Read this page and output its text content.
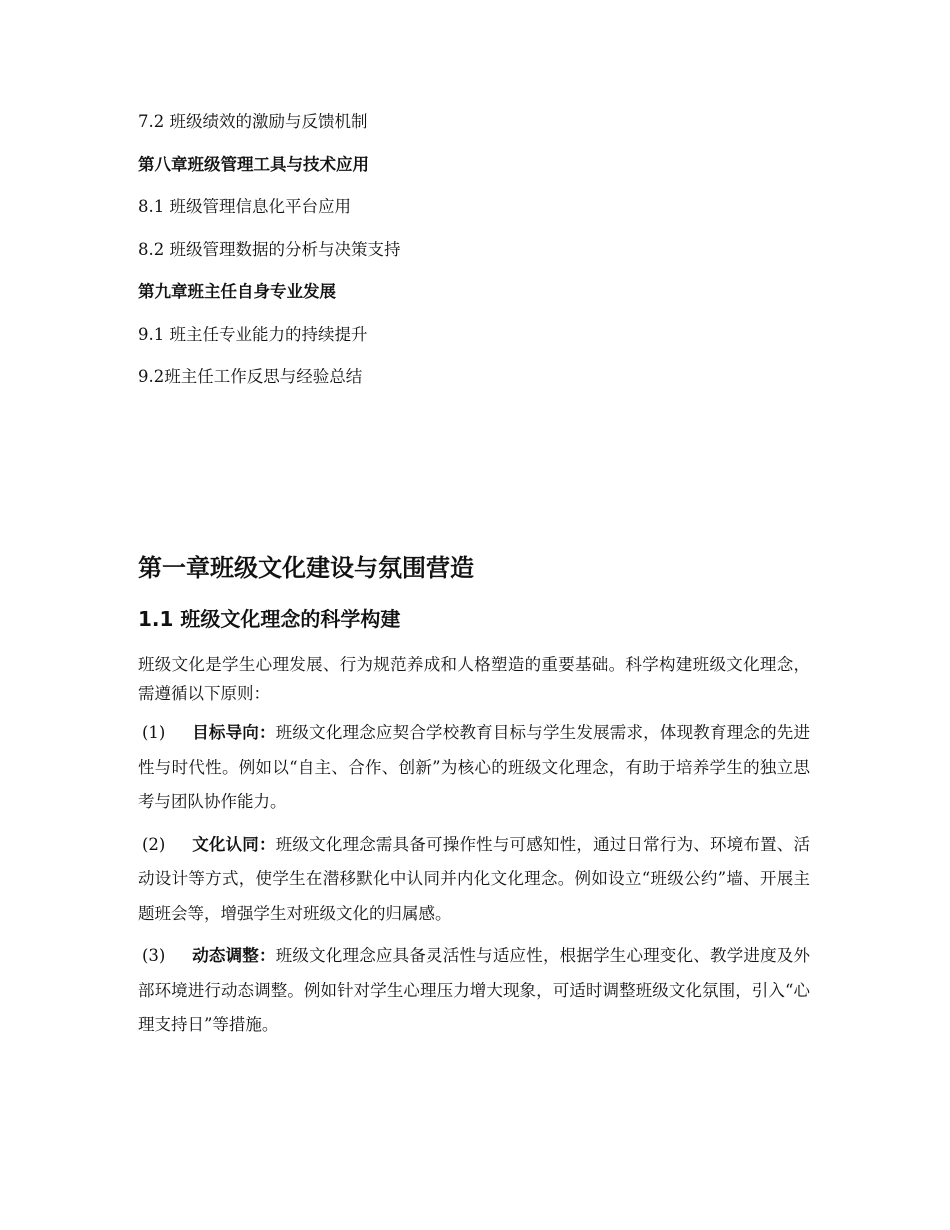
7.2 班级绩效的激励与反馈机制
第八章班级管理工具与技术应用
8.1 班级管理信息化平台应用
8.2 班级管理数据的分析与决策支持
第九章班主任自身专业发展
9.1 班主任专业能力的持续提升
9.2班主任工作反思与经验总结
第一章班级文化建设与氛围营造
1.1 班级文化理念的科学构建
班级文化是学生心理发展、行为规范养成和人格塑造的重要基础。科学构建班级文化理念，需遵循以下原则：
(1) 目标导向：班级文化理念应契合学校教育目标与学生发展需求，体现教育理念的先进性与时代性。例如以“自主、合作、创新”为核心的班级文化理念，有助于培养学生的独立思考与团队协作能力。
(2) 文化认同：班级文化理念需具备可操作性与可感知性，通过日常行为、环境布置、活动设计等方式，使学生在潜移默化中认同并内化文化理念。例如设立“班级公约”墙、开展主题班会等，增强学生对班级文化的归属感。
(3) 动态调整：班级文化理念应具备灵活性与适应性，根据学生心理变化、教学进度及外部环境进行动态调整。例如针对学生心理压力增大现象，可适时调整班级文化氛围，引入“心理支持日”等措施。
